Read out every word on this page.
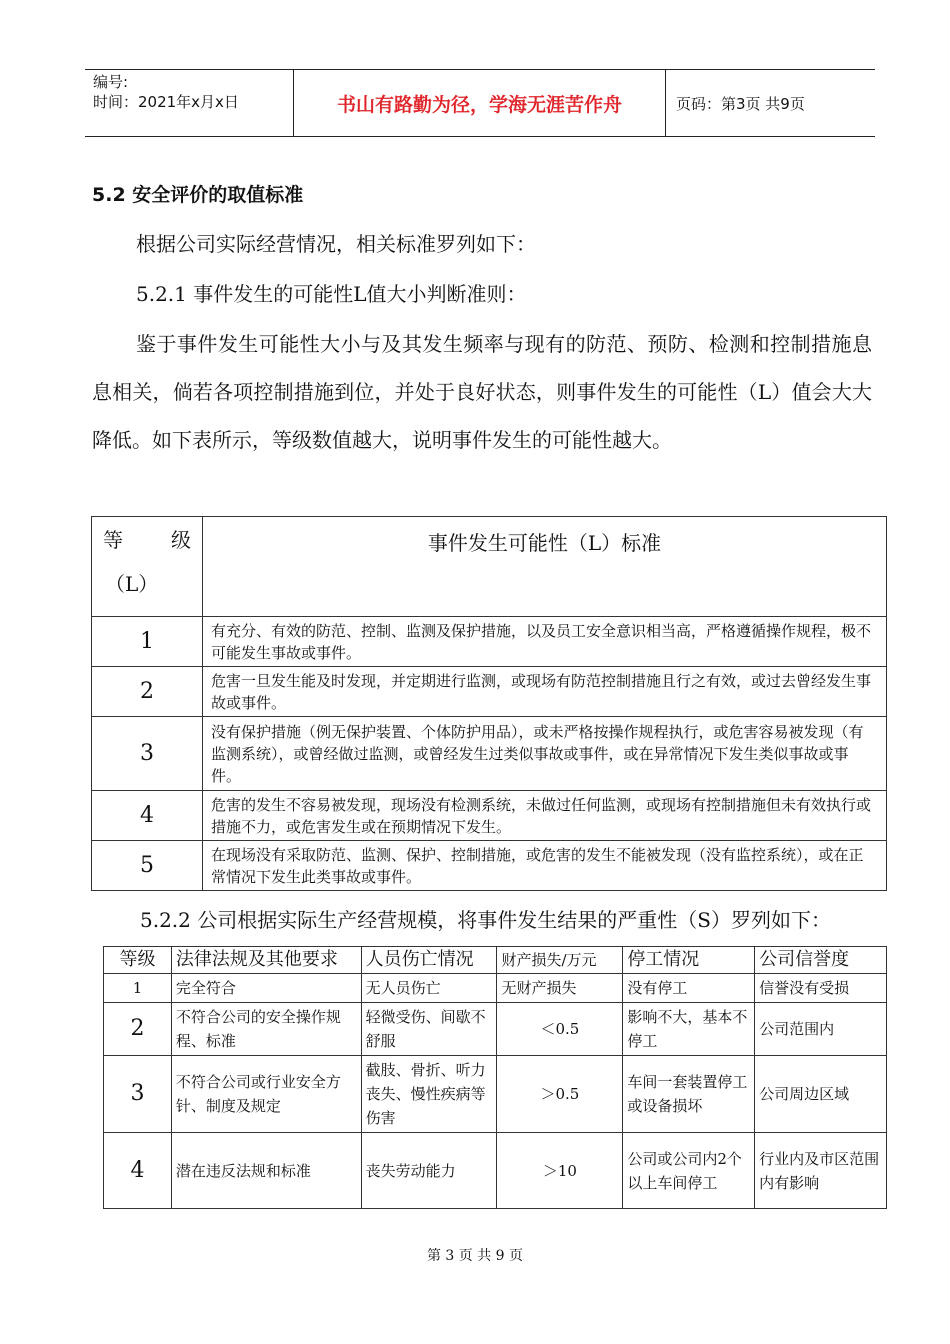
编号:
时间：2021年x月x日	书山有路勤为径，学海无涯苦作舟	页码：第3页 共9页
5.2 安全评价的取值标准
根据公司实际经营情况，相关标准罗列如下：
5.2.1 事件发生的可能性L值大小判断准则：
鉴于事件发生可能性大小与及其发生频率与现有的防范、预防、检测和控制措施息息相关，倘若各项控制措施到位，并处于良好状态，则事件发生的可能性（L）值会大大降低。如下表所示，等级数值越大，说明事件发生的可能性越大。
等 级
（L）	事件发生可能性（L）标准
1	有充分、有效的防范、控制、监测及保护措施，以及员工安全意识相当高，严格遵循操作规程，极不可能发生事故或事件。
2	危害一旦发生能及时发现，并定期进行监测，或现场有防范控制措施且行之有效，或过去曾经发生事故或事件。
3	没有保护措施（例无保护装置、个体防护用品），或未严格按操作规程执行，或危害容易被发现（有监测系统），或曾经做过监测，或曾经发生过类似事故或事件，或在异常情况下发生类似事故或事件。
4	危害的发生不容易被发现，现场没有检测系统，未做过任何监测，或现场有控制措施但未有效执行或措施不力，或危害发生或在预期情况下发生。
5	在现场没有采取防范、监测、保护、控制措施，或危害的发生不能被发现（没有监控系统），或在正常情况下发生此类事故或事件。
5.2.2 公司根据实际生产经营规模，将事件发生结果的严重性（S）罗列如下：
等级	法律法规及其他要求	人员伤亡情况	财产损失/万元	停工情况	公司信誉度
1	完全符合	无人员伤亡	无财产损失	没有停工	信誉没有受损
2	不符合公司的安全操作规程、标准	轻微受伤、间歇不舒服	＜0.5	影响不大，基本不停工	公司范围内
3	不符合公司或行业安全方针、制度及规定	截肢、骨折、听力丧失、慢性疾病等伤害	＞0.5	车间一套装置停工或设备损坏	公司周边区域
4	潜在违反法规和标准	丧失劳动能力	＞10	公司或公司内2个以上车间停工	行业内及市区范围内有影响
第 3 页 共 9 页
